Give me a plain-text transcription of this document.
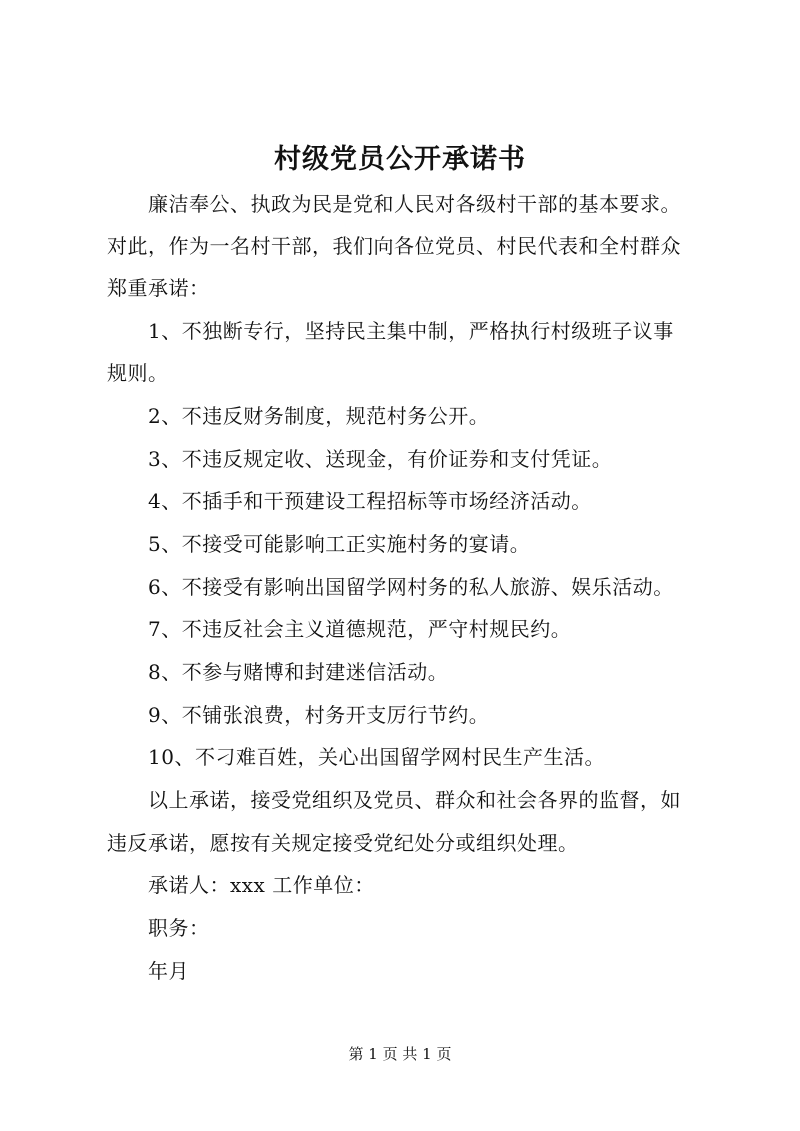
村级党员公开承诺书
廉洁奉公、执政为民是党和人民对各级村干部的基本要求。
对此，作为一名村干部，我们向各位党员、村民代表和全村群众
郑重承诺：
1、不独断专行，坚持民主集中制，严格执行村级班子议事
规则。
2、不违反财务制度，规范村务公开。
3、不违反规定收、送现金，有价证券和支付凭证。
4、不插手和干预建设工程招标等市场经济活动。
5、不接受可能影响工正实施村务的宴请。
6、不接受有影响出国留学网村务的私人旅游、娱乐活动。
7、不违反社会主义道德规范，严守村规民约。
8、不参与赌博和封建迷信活动。
9、不铺张浪费，村务开支厉行节约。
10、不刁难百姓，关心出国留学网村民生产生活。
以上承诺，接受党组织及党员、群众和社会各界的监督，如
违反承诺，愿按有关规定接受党纪处分或组织处理。
承诺人：xxx 工作单位：
职务：
年月
第 1 页 共 1 页
